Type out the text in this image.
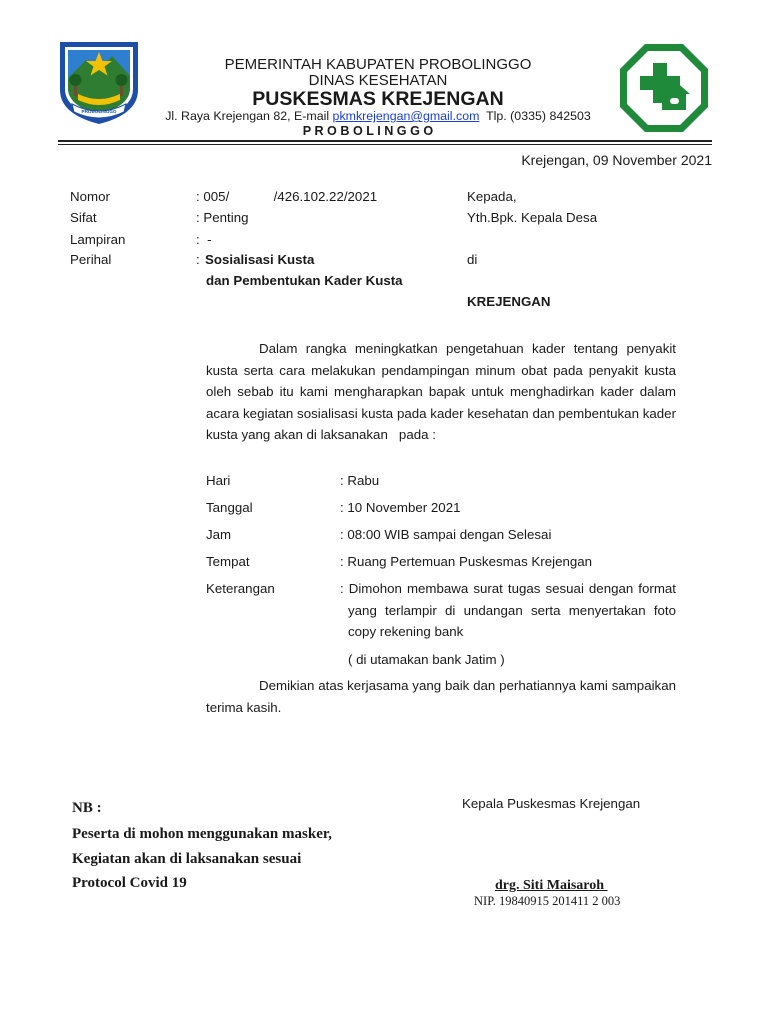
PROBOLINGGO
PEMERINTAH KABUPATEN PROBOLINGGO
DINAS KESEHATAN
PUSKESMAS KREJENGAN
Jl. Raya Krejengan 82, E-mail pkmkrejengan@gmail.com  Tlp. (0335) 842503
P R O B O L I N G G O
Krejengan, 09 November 2021
Nomor	: 005/            /426.102.22/2021
Sifat	: Penting
Lampiran	:  -
Perihal	: Sosialisasi Kusta
dan Pembentukan Kader Kusta
Kepada,
Yth.Bpk. Kepala Desa
di
KREJENGAN
Dalam rangka meningkatkan pengetahuan kader tentang penyakit kusta serta cara melakukan pendampingan minum obat pada penyakit kusta oleh sebab itu kami mengharapkan bapak untuk menghadirkan kader dalam acara kegiatan sosialisasi kusta pada kader kesehatan dan pembentukan kader kusta yang akan di laksanakan   pada :
Hari	: Rabu
Tanggal	: 10 November 2021
Jam	: 08:00 WIB sampai dengan Selesai
Tempat	: Ruang Pertemuan Puskesmas Krejengan
Keterangan	: Dimohon membawa surat tugas sesuai dengan format yang terlampir di undangan serta menyertakan foto copy rekening bank
( di utamakan bank Jatim )
Demikian atas kerjasama yang baik dan perhatiannya kami sampaikan  terima kasih.
Kepala Puskesmas Krejengan
NB :
Peserta di mohon menggunakan masker,
Kegiatan akan di laksanakan sesuai
Protocol Covid 19	drg. Siti Maisaroh
NIP. 19840915 201411 2 003
